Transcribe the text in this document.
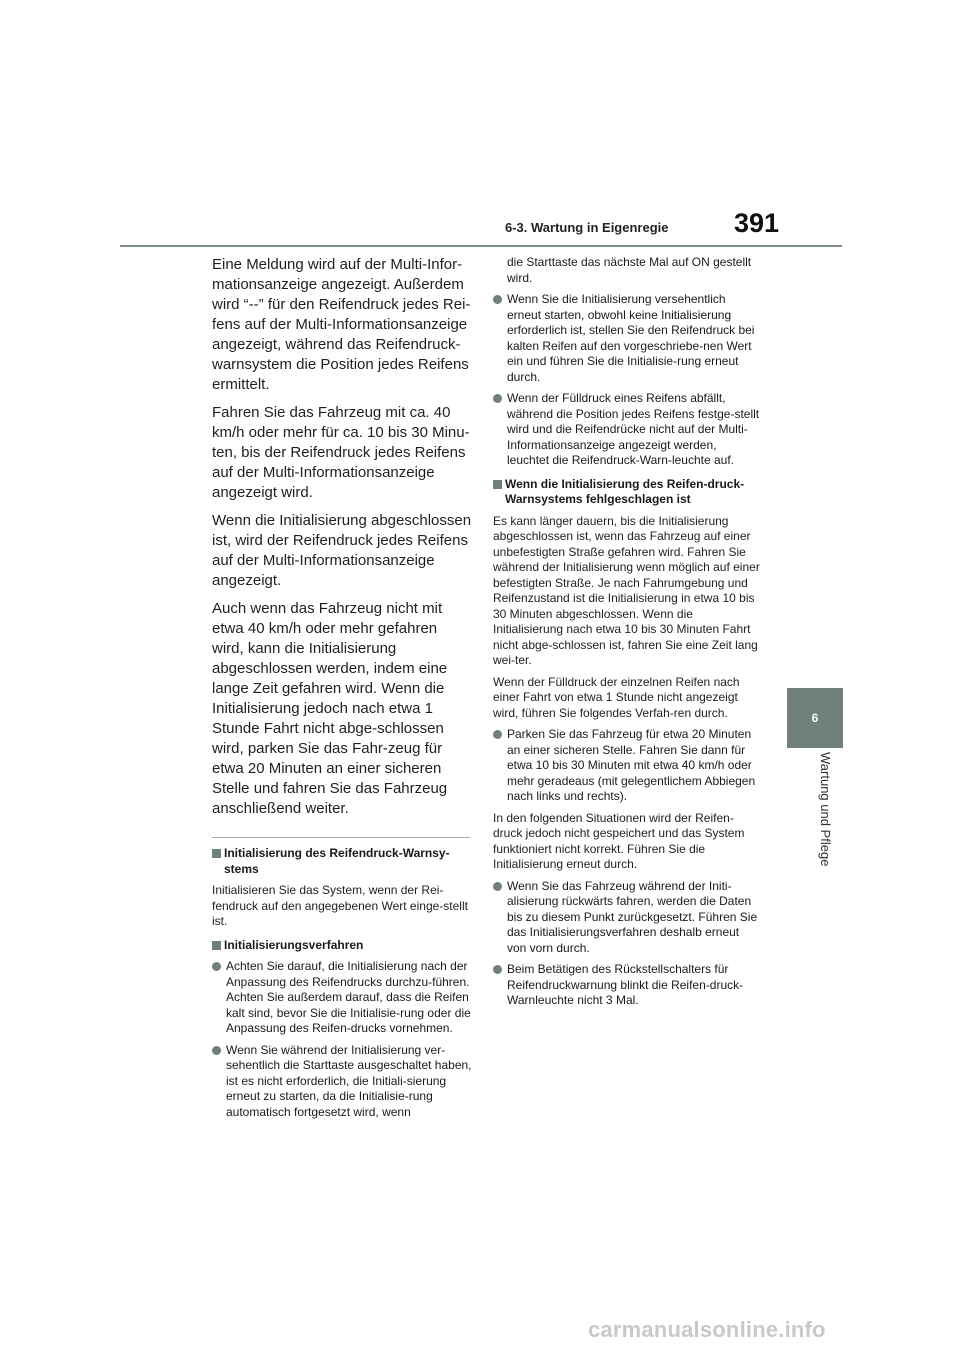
6-3. Wartung in Eigenregie 391
6
Wartung und Pflege

Eine Meldung wird auf der Multi-Infor-mationsanzeige angezeigt. Außerdem wird “--” für den Reifendruck jedes Rei-fens auf der Multi-Informationsanzeige angezeigt, während das Reifendruck-warnsystem die Position jedes Reifens ermittelt.

Fahren Sie das Fahrzeug mit ca. 40 km/h oder mehr für ca. 10 bis 30 Minu-ten, bis der Reifendruck jedes Reifens auf der Multi-Informationsanzeige angezeigt wird.

Wenn die Initialisierung abgeschlossen ist, wird der Reifendruck jedes Reifens auf der Multi-Informationsanzeige angezeigt.

Auch wenn das Fahrzeug nicht mit etwa 40 km/h oder mehr gefahren wird, kann die Initialisierung abgeschlossen werden, indem eine lange Zeit gefahren wird. Wenn die Initialisierung jedoch nach etwa 1 Stunde Fahrt nicht abge-schlossen wird, parken Sie das Fahr-zeug für etwa 20 Minuten an einer sicheren Stelle und fahren Sie das Fahrzeug anschließend weiter.

Initialisierung des Reifendruck-Warnsy-stems

Initialisieren Sie das System, wenn der Rei-fendruck auf den angegebenen Wert einge-stellt ist.

Initialisierungsverfahren
Achten Sie darauf, die Initialisierung nach der Anpassung des Reifendrucks durchzu-führen. Achten Sie außerdem darauf, dass die Reifen kalt sind, bevor Sie die Initialisie-rung oder die Anpassung des Reifen-drucks vornehmen.
Wenn Sie während der Initialisierung ver-sehentlich die Starttaste ausgeschaltet haben, ist es nicht erforderlich, die Initiali-sierung erneut zu starten, da die Initialisie-rung automatisch fortgesetzt wird, wenn

die Starttaste das nächste Mal auf ON gestellt wird.

Wenn Sie die Initialisierung versehentlich erneut starten, obwohl keine Initialisierung erforderlich ist, stellen Sie den Reifendruck bei kalten Reifen auf den vorgeschriebe-nen Wert ein und führen Sie die Initialisie-rung erneut durch.
Wenn der Fülldruck eines Reifens abfällt, während die Position jedes Reifens festge-stellt wird und die Reifendrücke nicht auf der Multi-Informationsanzeige angezeigt werden, leuchtet die Reifendruck-Warn-leuchte auf.
Wenn die Initialisierung des Reifen-druck-Warnsystems fehlgeschlagen ist

Es kann länger dauern, bis die Initialisierung abgeschlossen ist, wenn das Fahrzeug auf einer unbefestigten Straße gefahren wird. Fahren Sie während der Initialisierung wenn möglich auf einer befestigten Straße. Je nach Fahrumgebung und Reifenzustand ist die Initialisierung in etwa 10 bis 30 Minuten abgeschlossen. Wenn die Initialisierung nach etwa 10 bis 30 Minuten Fahrt nicht abge-schlossen ist, fahren Sie eine Zeit lang wei-ter.

Wenn der Fülldruck der einzelnen Reifen nach einer Fahrt von etwa 1 Stunde nicht angezeigt wird, führen Sie folgendes Verfah-ren durch.

Parken Sie das Fahrzeug für etwa 20 Minuten an einer sicheren Stelle. Fahren Sie dann für etwa 10 bis 30 Minuten mit etwa 40 km/h oder mehr geradeaus (mit gelegentlichem Abbiegen nach links und rechts).

In den folgenden Situationen wird der Reifen-druck jedoch nicht gespeichert und das System funktioniert nicht korrekt. Führen Sie die Initialisierung erneut durch.

Wenn Sie das Fahrzeug während der Initi-alisierung rückwärts fahren, werden die Daten bis zu diesem Punkt zurückgesetzt. Führen Sie das Initialisierungsverfahren deshalb erneut von vorn durch.
Beim Betätigen des Rückstellschalters für Reifendruckwarnung blinkt die Reifen-druck-Warnleuchte nicht 3 Mal.
carmanualsonline.info
